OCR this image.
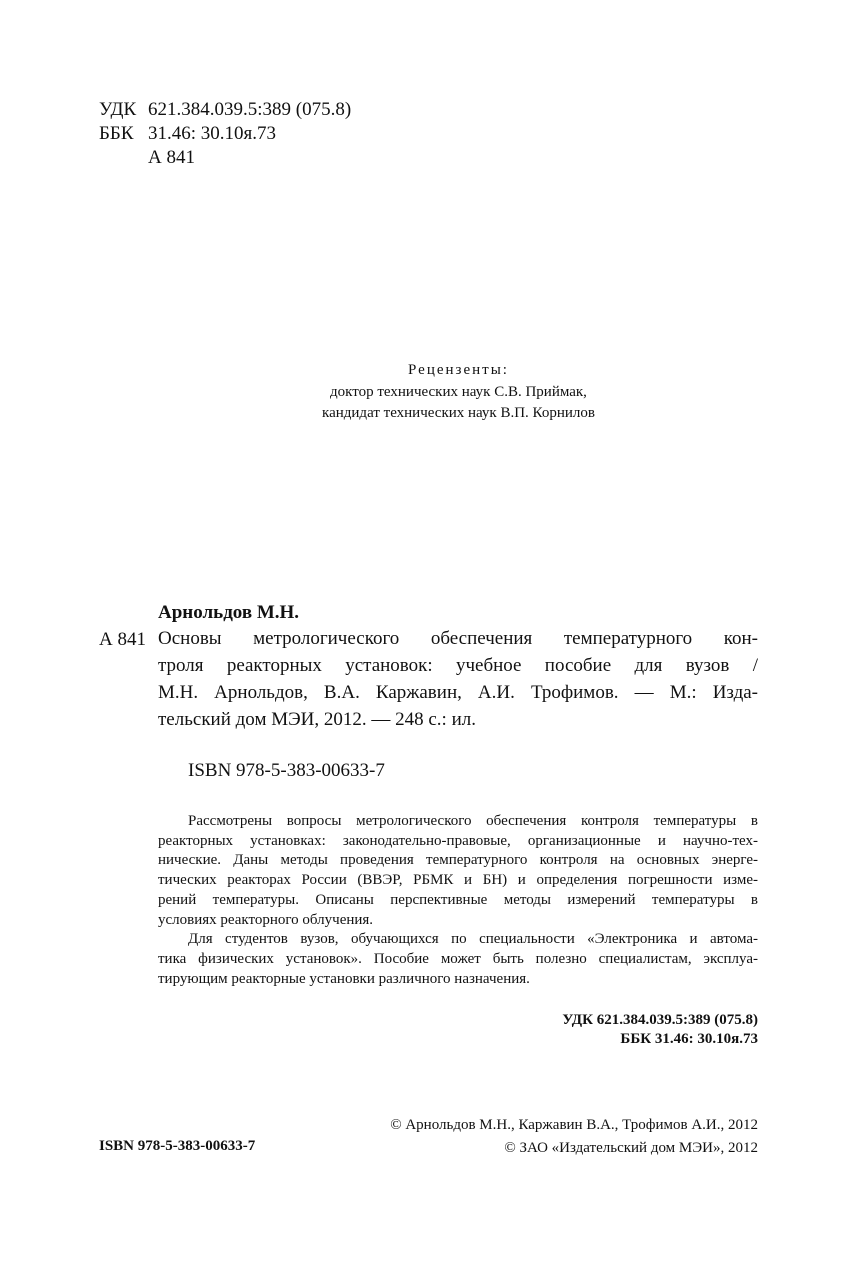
УДК 621.384.039.5:389 (075.8)
ББК 31.46: 30.10я.73
А 841
Рецензенты:
доктор технических наук С.В. Приймак,
кандидат технических наук В.П. Корнилов
Арнольдов М.Н.
А 841 Основы метрологического обеспечения температурного кон-
троля реакторных установок: учебное пособие для вузов /
М.Н. Арнольдов, В.А. Каржавин, А.И. Трофимов. — М.: Изда-
тельский дом МЭИ, 2012. — 248 с.: ил.
ISBN 978-5-383-00633-7
Рассмотрены вопросы метрологического обеспечения контроля температуры в
реакторных установках: законодательно-правовые, организационные и научно-тех-
нические. Даны методы проведения температурного контроля на основных энерге-
тических реакторах России (ВВЭР, РБМК и БН) и определения погрешности изме-
рений температуры. Описаны перспективные методы измерений температуры в
условиях реакторного облучения.
Для студентов вузов, обучающихся по специальности «Электроника и автома-
тика физических установок». Пособие может быть полезно специалистам, эксплуа-
тирующим реакторные установки различного назначения.
УДК 621.384.039.5:389 (075.8)
ББК 31.46: 30.10я.73
© Арнольдов М.Н., Каржавин В.А., Трофимов А.И., 2012
© ЗАО «Издательский дом МЭИ», 2012
ISBN 978-5-383-00633-7
